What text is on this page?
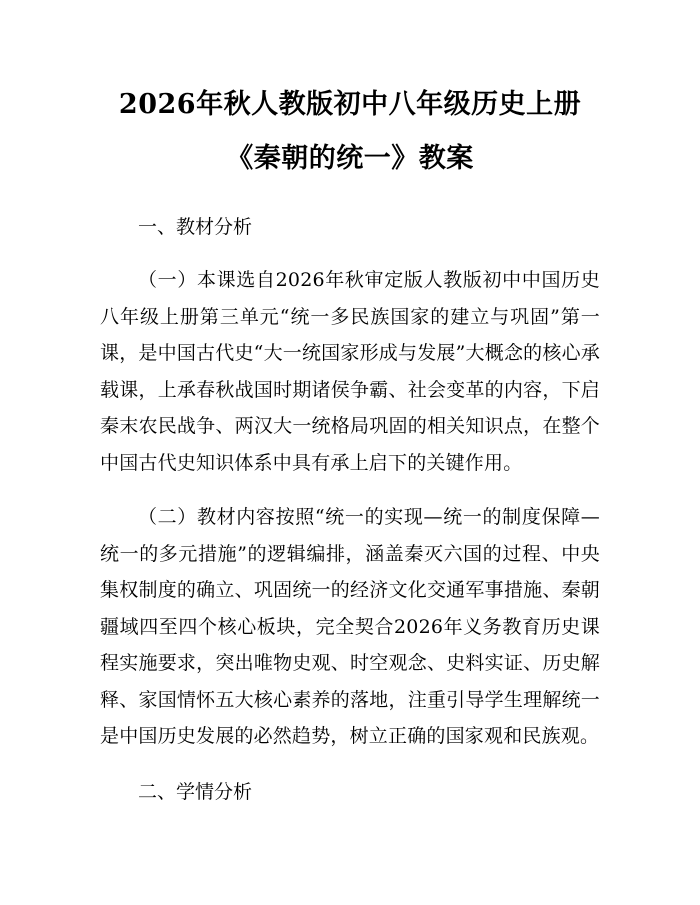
2026年秋人教版初中八年级历史上册《秦朝的统一》教案
一、教材分析

（一）本课选自2026年秋审定版人教版初中中国历史八年级上册第三单元“统一多民族国家的建立与巩固”第一课，是中国古代史“大一统国家形成与发展”大概念的核心承载课，上承春秋战国时期诸侯争霸、社会变革的内容，下启秦末农民战争、两汉大一统格局巩固的相关知识点，在整个中国古代史知识体系中具有承上启下的关键作用。

（二）教材内容按照“统一的实现—统一的制度保障—统一的多元措施”的逻辑编排，涵盖秦灭六国的过程、中央集权制度的确立、巩固统一的经济文化交通军事措施、秦朝疆域四至四个核心板块，完全契合2026年义务教育历史课程实施要求，突出唯物史观、时空观念、史料实证、历史解释、家国情怀五大核心素养的落地，注重引导学生理解统一是中国历史发展的必然趋势，树立正确的国家观和民族观。

二、学情分析
